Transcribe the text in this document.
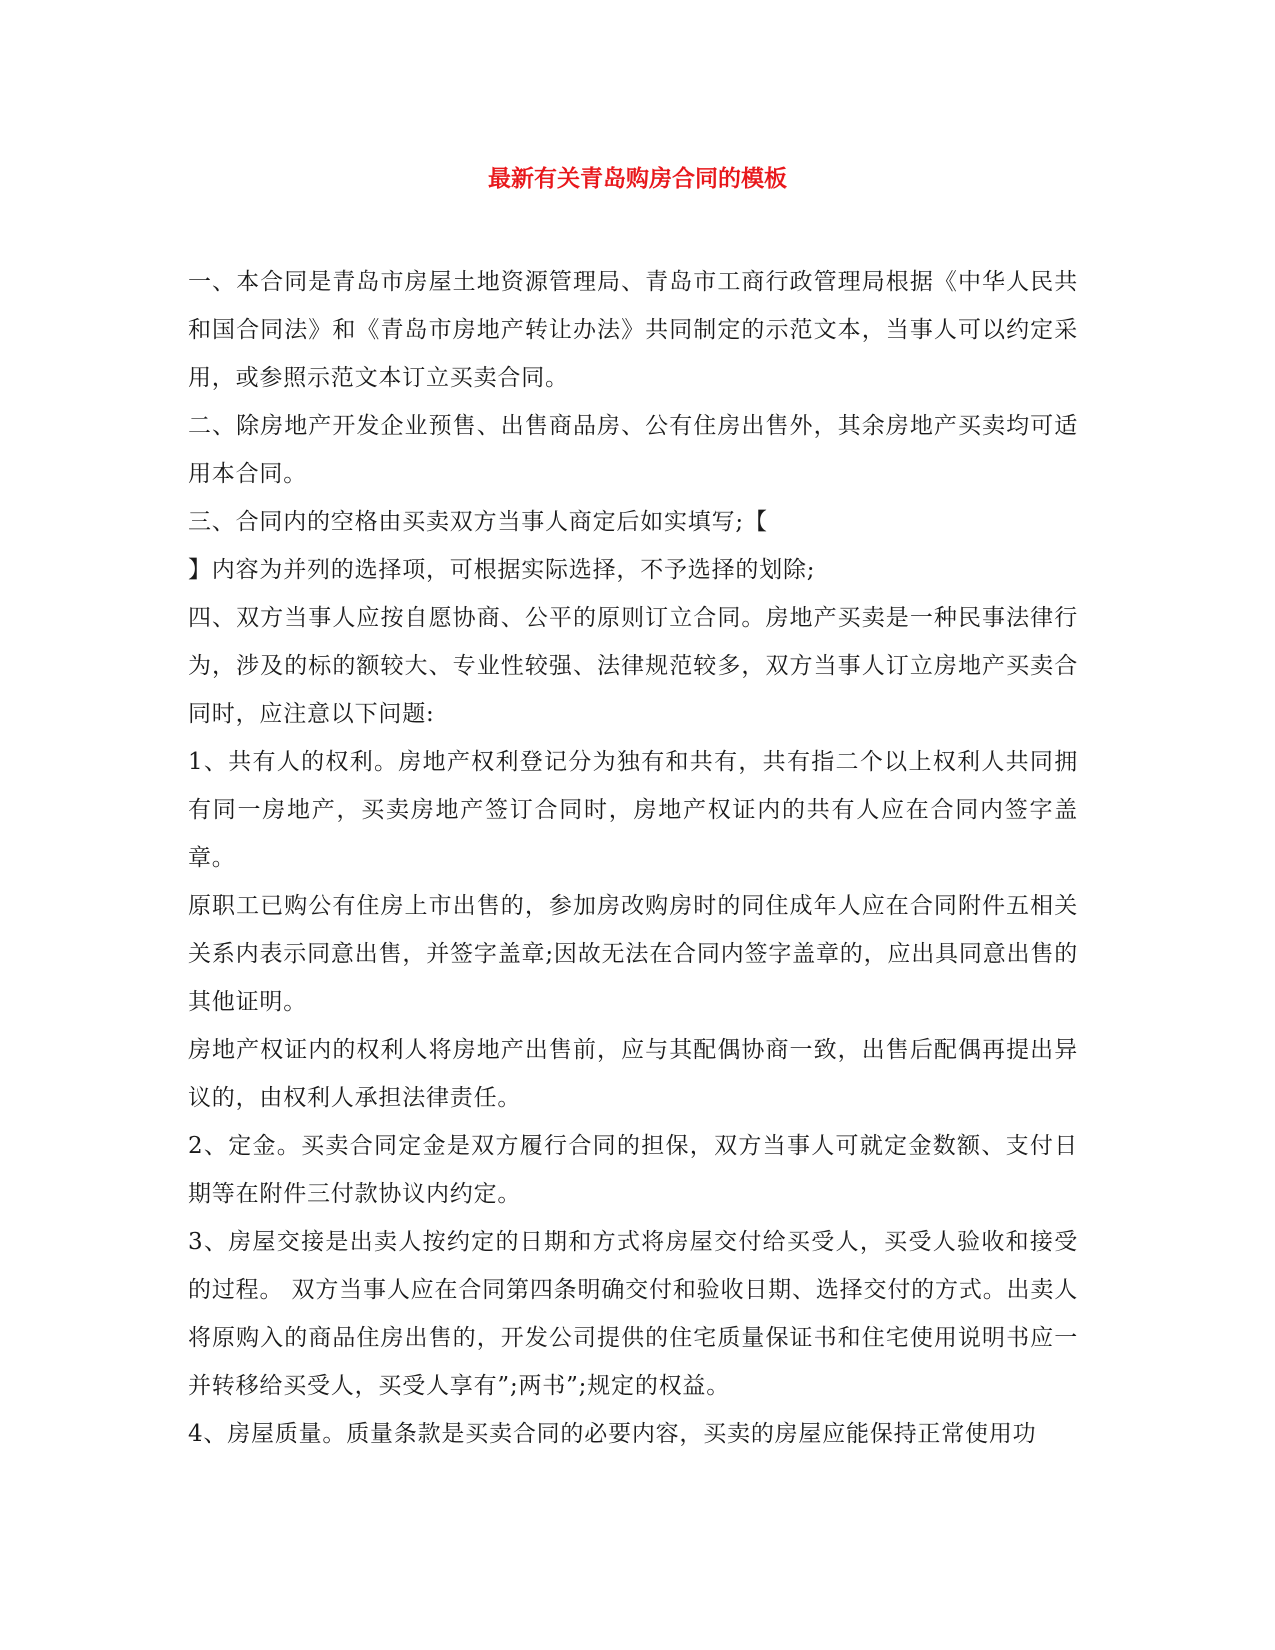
最新有关青岛购房合同的模板

一、本合同是青岛市房屋土地资源管理局、青岛市工商行政管理局根据《中华人民共和国合同法》和《青岛市房地产转让办法》共同制定的示范文本，当事人可以约定采用，或参照示范文本订立买卖合同。

二、除房地产开发企业预售、出售商品房、公有住房出售外，其余房地产买卖均可适用本合同。

三、合同内的空格由买卖双方当事人商定后如实填写;【

】内容为并列的选择项，可根据实际选择，不予选择的划除;

四、双方当事人应按自愿协商、公平的原则订立合同。房地产买卖是一种民事法律行为，涉及的标的额较大、专业性较强、法律规范较多，双方当事人订立房地产买卖合同时，应注意以下问题:

1、共有人的权利。房地产权利登记分为独有和共有，共有指二个以上权利人共同拥有同一房地产，买卖房地产签订合同时，房地产权证内的共有人应在合同内签字盖章。

原职工已购公有住房上市出售的，参加房改购房时的同住成年人应在合同附件五相关关系内表示同意出售，并签字盖章;因故无法在合同内签字盖章的，应出具同意出售的其他证明。

房地产权证内的权利人将房地产出售前，应与其配偶协商一致，出售后配偶再提出异议的，由权利人承担法律责任。

2、定金。买卖合同定金是双方履行合同的担保，双方当事人可就定金数额、支付日期等在附件三付款协议内约定。

3、房屋交接是出卖人按约定的日期和方式将房屋交付给买受人，买受人验收和接受的过程。 双方当事人应在合同第四条明确交付和验收日期、选择交付的方式。出卖人将原购入的商品住房出售的，开发公司提供的住宅质量保证书和住宅使用说明书应一并转移给买受人，买受人享有”;两书”;规定的权益。

4、房屋质量。质量条款是买卖合同的必要内容，买卖的房屋应能保持正常使用功
